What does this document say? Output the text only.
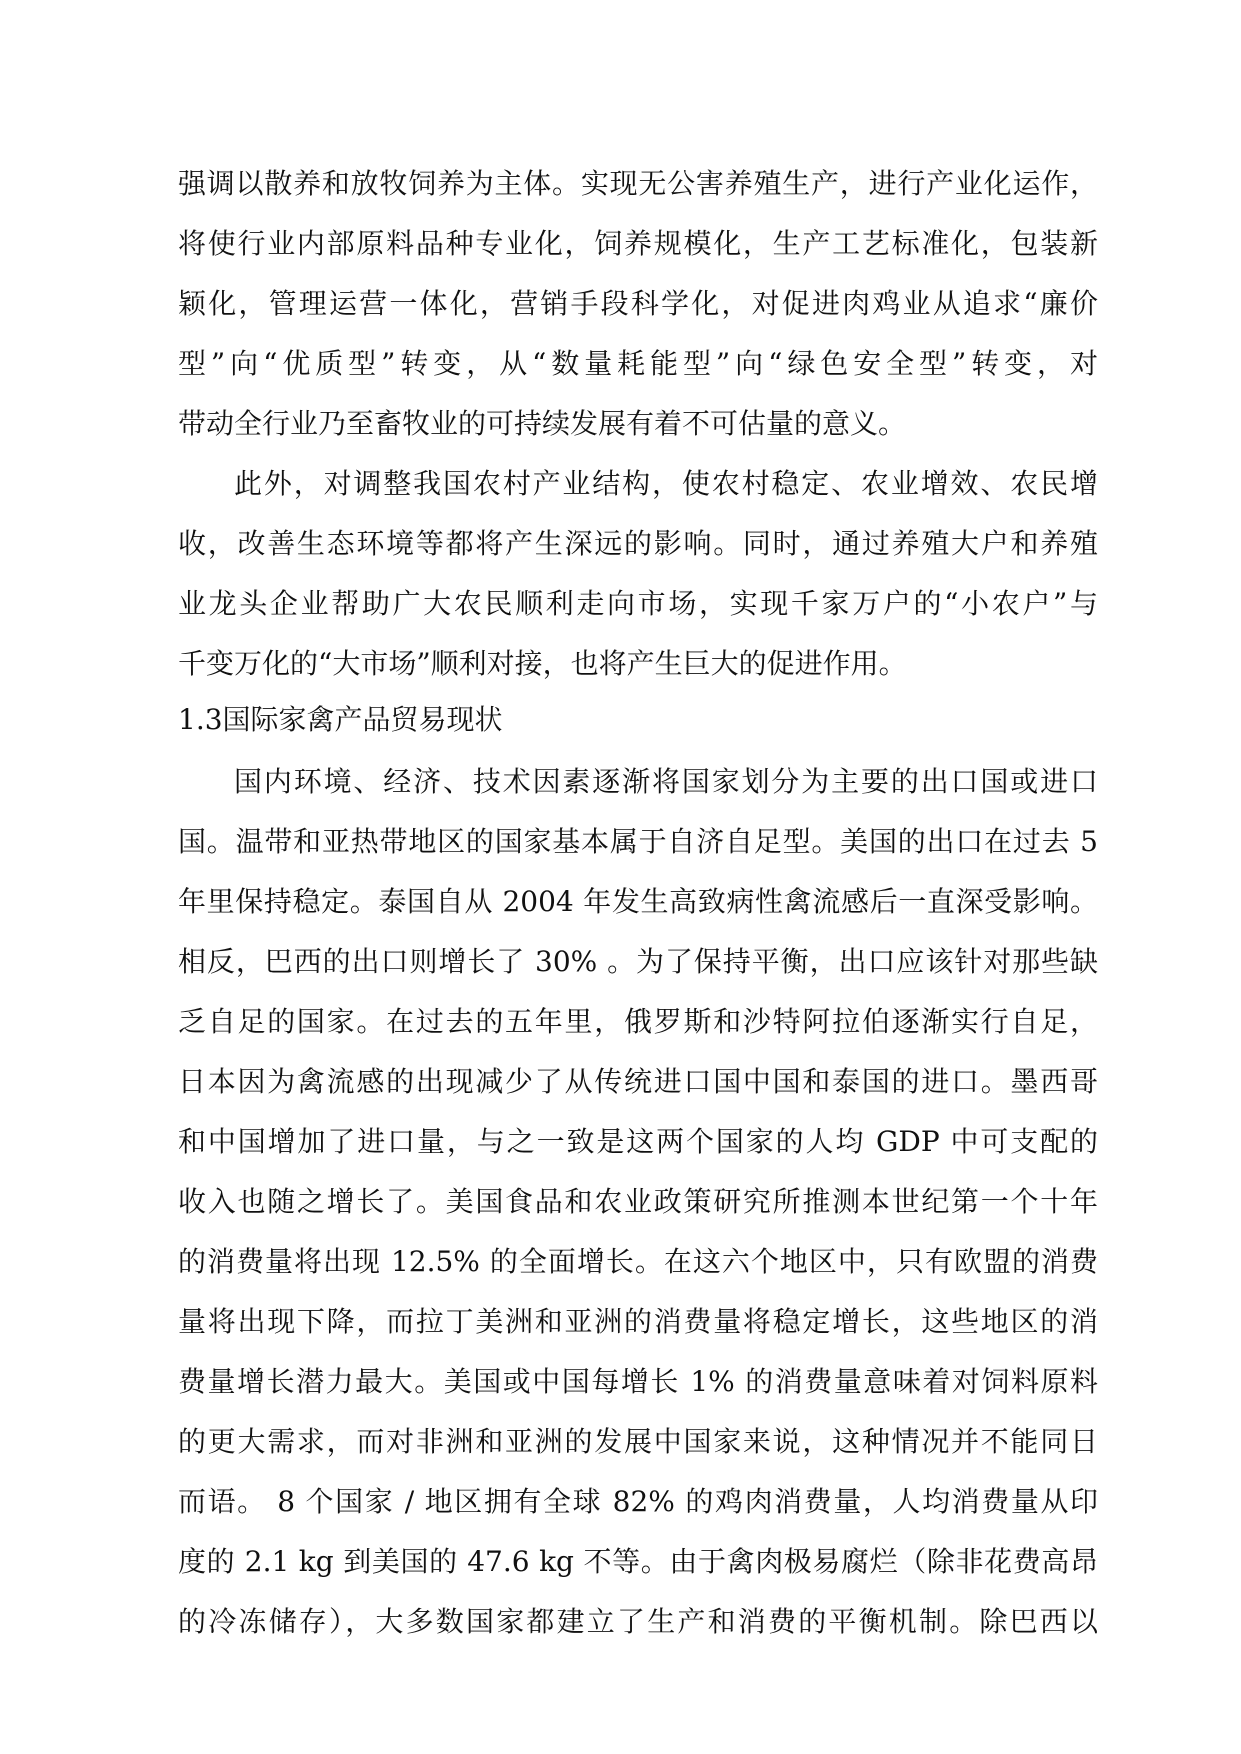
强调以散养和放牧饲养为主体。实现无公害养殖生产，进行产业化运作，
将使行业内部原料品种专业化，饲养规模化，生产工艺标准化，包装新
颖化，管理运营一体化，营销手段科学化，对促进肉鸡业从追求“廉价
型”向“优质型”转变，从“数量耗能型”向“绿色安全型”转变，对
带动全行业乃至畜牧业的可持续发展有着不可估量的意义。
此外，对调整我国农村产业结构，使农村稳定、农业增效、农民增
收，改善生态环境等都将产生深远的影响。同时，通过养殖大户和养殖
业龙头企业帮助广大农民顺利走向市场，实现千家万户的“小农户”与
千变万化的“大市场”顺利对接，也将产生巨大的促进作用。
1.3国际家禽产品贸易现状
国内环境、经济、技术因素逐渐将国家划分为主要的出口国或进口
国。温带和亚热带地区的国家基本属于自济自足型。美国的出口在过去 5
年里保持稳定。泰国自从 2004 年发生高致病性禽流感后一直深受影响。
相反，巴西的出口则增长了 30% 。为了保持平衡，出口应该针对那些缺
乏自足的国家。在过去的五年里，俄罗斯和沙特阿拉伯逐渐实行自足，
日本因为禽流感的出现减少了从传统进口国中国和泰国的进口。墨西哥
和中国增加了进口量，与之一致是这两个国家的人均 GDP 中可支配的
收入也随之增长了。美国食品和农业政策研究所推测本世纪第一个十年
的消费量将出现 12.5% 的全面增长。在这六个地区中，只有欧盟的消费
量将出现下降，而拉丁美洲和亚洲的消费量将稳定增长，这些地区的消
费量增长潜力最大。美国或中国每增长 1% 的消费量意味着对饲料原料
的更大需求，而对非洲和亚洲的发展中国家来说，这种情况并不能同日
而语。 8 个国家 / 地区拥有全球 82% 的鸡肉消费量，人均消费量从印
度的 2.1 kg 到美国的 47.6 kg 不等。由于禽肉极易腐烂（除非花费高昂
的冷冻储存），大多数国家都建立了生产和消费的平衡机制。除巴西以
